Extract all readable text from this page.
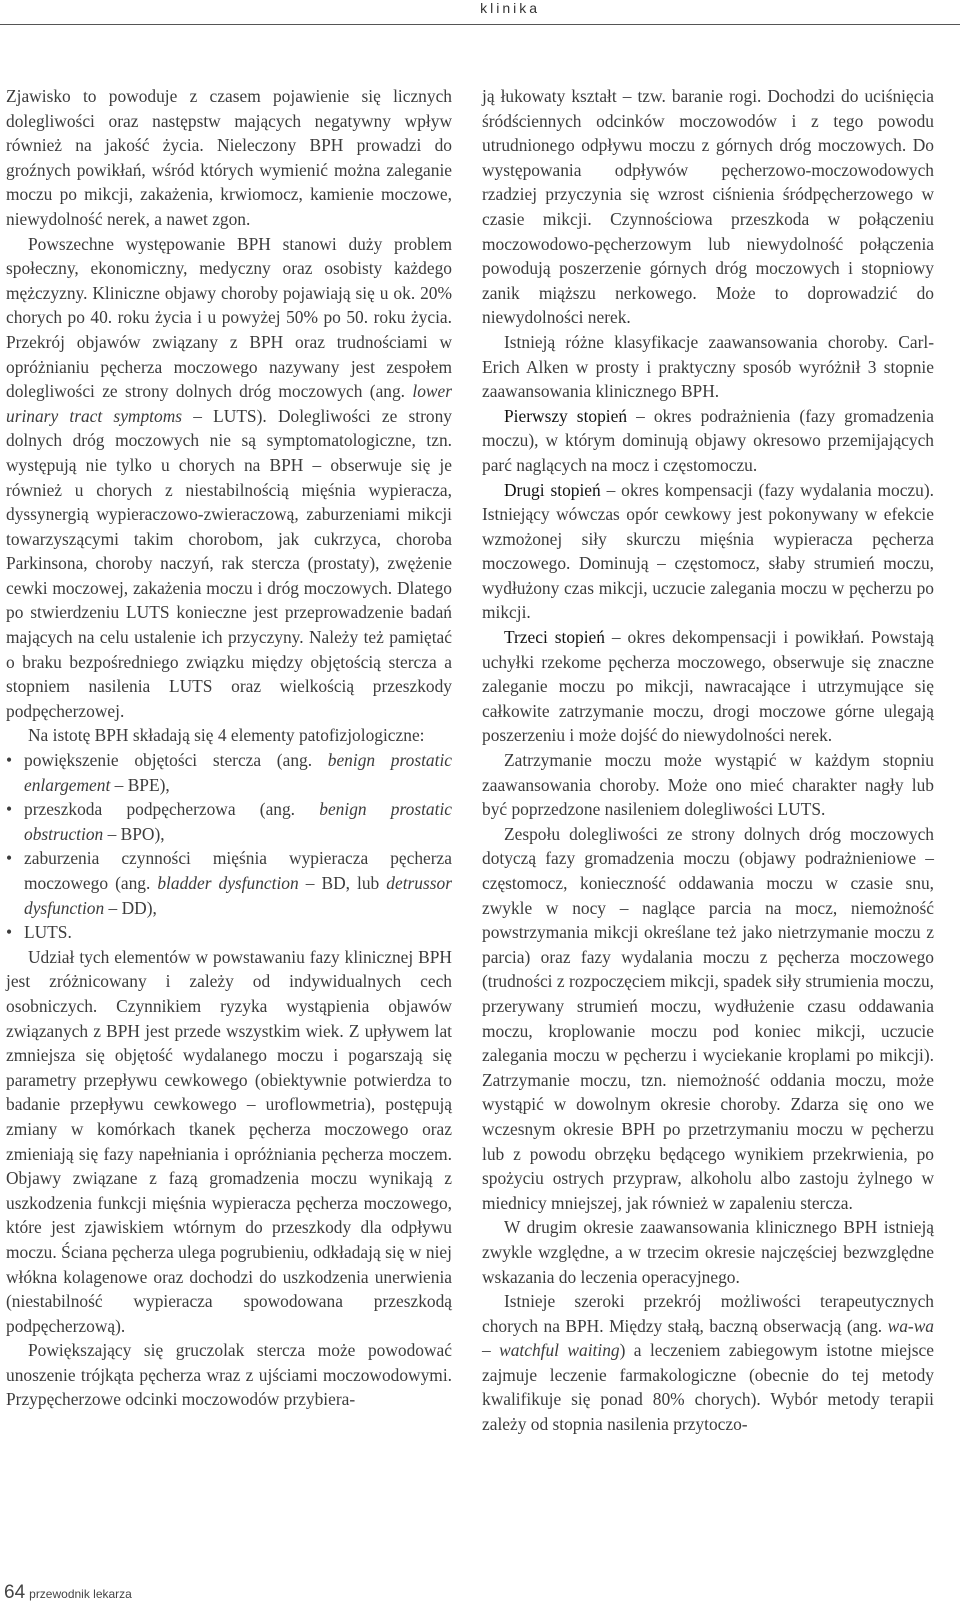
klinika

Zjawisko to powoduje z czasem pojawienie się licznych dolegliwości oraz następstw mających negatywny wpływ również na jakość życia. Nieleczony BPH prowadzi do groźnych powikłań, wśród których wymienić można zaleganie moczu po mikcji, zakażenia, krwiomocz, kamienie moczowe, niewydolność nerek, a nawet zgon.

Powszechne występowanie BPH stanowi duży problem społeczny, ekonomiczny, medyczny oraz osobisty każdego mężczyzny. Kliniczne objawy choroby pojawiają się u ok. 20% chorych po 40. roku życia i u powyżej 50% po 50. roku życia. Przekrój objawów związany z BPH oraz trudnościami w opróżnianiu pęcherza moczowego nazywany jest zespołem dolegliwości ze strony dolnych dróg moczowych (ang. lower urinary tract symptoms – LUTS). Dolegliwości ze strony dolnych dróg moczowych nie są symptomatologiczne, tzn. występują nie tylko u chorych na BPH – obserwuje się je również u chorych z niestabilnością mięśnia wypieracza, dyssynergią wypieraczowo-zwieraczową, zaburzeniami mikcji towarzyszącymi takim chorobom, jak cukrzyca, choroba Parkinsona, choroby naczyń, rak stercza (prostaty), zwężenie cewki moczowej, zakażenia moczu i dróg moczowych. Dlatego po stwierdzeniu LUTS konieczne jest przeprowadzenie badań mających na celu ustalenie ich przyczyny. Należy też pamiętać o braku bezpośredniego związku między objętością stercza a stopniem nasilenia LUTS oraz wielkością przeszkody podpęcherzowej.

Na istotę BPH składają się 4 elementy patofizjologiczne:

• powiększenie objętości stercza (ang. benign prostatic enlargement – BPE),
• przeszkoda podpęcherzowa (ang. benign prostatic obstruction – BPO),
• zaburzenia czynności mięśnia wypieracza pęcherza moczowego (ang. bladder dysfunction – BD, lub detrussor dysfunction – DD),
• LUTS.

Udział tych elementów w powstawaniu fazy klinicznej BPH jest zróżnicowany i zależy od indywidualnych cech osobniczych. Czynnikiem ryzyka wystąpienia objawów związanych z BPH jest przede wszystkim wiek. Z upływem lat zmniejsza się objętość wydalanego moczu i pogarszają się parametry przepływu cewkowego (obiektywnie potwierdza to badanie przepływu cewkowego – uroflowmetria), postępują zmiany w komórkach tkanek pęcherza moczowego oraz zmieniają się fazy napełniania i opróżniania pęcherza moczem. Objawy związane z fazą gromadzenia moczu wynikają z uszkodzenia funkcji mięśnia wypieracza pęcherza moczowego, które jest zjawiskiem wtórnym do przeszkody dla odpływu moczu. Ściana pęcherza ulega pogrubieniu, odkładają się w niej włókna kolagenowe oraz dochodzi do uszkodzenia unerwienia (niestabilność wypieracza spowodowana przeszkodą podpęcherzową).

Powiększający się gruczolak stercza może powodować unoszenie trójkąta pęcherza wraz z ujściami moczowodowymi. Przypęcherzowe odcinki moczowodów przybiera-

ją łukowaty kształt – tzw. baranie rogi. Dochodzi do uciśnięcia śródściennych odcinków moczowodów i z tego powodu utrudnionego odpływu moczu z górnych dróg moczowych. Do występowania odpływów pęcherzowo-moczowodowych rzadziej przyczynia się wzrost ciśnienia śródpęcherzowego w czasie mikcji. Czynnościowa przeszkoda w połączeniu moczowodowo-pęcherzowym lub niewydolność połączenia powodują poszerzenie górnych dróg moczowych i stopniowy zanik miąższu nerkowego. Może to doprowadzić do niewydolności nerek.

Istnieją różne klasyfikacje zaawansowania choroby. Carl-Erich Alken w prosty i praktyczny sposób wyróżnił 3 stopnie zaawansowania klinicznego BPH.

Pierwszy stopień – okres podrażnienia (fazy gromadzenia moczu), w którym dominują objawy okresowo przemijających parć naglących na mocz i częstomoczu.

Drugi stopień – okres kompensacji (fazy wydalania moczu). Istniejący wówczas opór cewkowy jest pokonywany w efekcie wzmożonej siły skurczu mięśnia wypieracza pęcherza moczowego. Dominują – częstomocz, słaby strumień moczu, wydłużony czas mikcji, uczucie zalegania moczu w pęcherzu po mikcji.

Trzeci stopień – okres dekompensacji i powikłań. Powstają uchyłki rzekome pęcherza moczowego, obserwuje się znaczne zaleganie moczu po mikcji, nawracające i utrzymujące się całkowite zatrzymanie moczu, drogi moczowe górne ulegają poszerzeniu i może dojść do niewydolności nerek.

Zatrzymanie moczu może wystąpić w każdym stopniu zaawansowania choroby. Może ono mieć charakter nagły lub być poprzedzone nasileniem dolegliwości LUTS.

Zespołu dolegliwości ze strony dolnych dróg moczowych dotyczą fazy gromadzenia moczu (objawy podrażnieniowe – częstomocz, konieczność oddawania moczu w czasie snu, zwykle w nocy – naglące parcia na mocz, niemożność powstrzymania mikcji określane też jako nietrzymanie moczu z parcia) oraz fazy wydalania moczu z pęcherza moczowego (trudności z rozpoczęciem mikcji, spadek siły strumienia moczu, przerywany strumień moczu, wydłużenie czasu oddawania moczu, kroplowanie moczu pod koniec mikcji, uczucie zalegania moczu w pęcherzu i wyciekanie kroplami po mikcji). Zatrzymanie moczu, tzn. niemożność oddania moczu, może wystąpić w dowolnym okresie choroby. Zdarza się ono we wczesnym okresie BPH po przetrzymaniu moczu w pęcherzu lub z powodu obrzęku będącego wynikiem przekrwienia, po spożyciu ostrych przypraw, alkoholu albo zastoju żylnego w miednicy mniejszej, jak również w zapaleniu stercza.

W drugim okresie zaawansowania klinicznego BPH istnieją zwykle względne, a w trzecim okresie najczęściej bezwzględne wskazania do leczenia operacyjnego.

Istnieje szeroki przekrój możliwości terapeutycznych chorych na BPH. Między stałą, baczną obserwacją (ang. wa-wa – watchful waiting) a leczeniem zabiegowym istotne miejsce zajmuje leczenie farmakologiczne (obecnie do tej metody kwalifikuje się ponad 80% chorych). Wybór metody terapii zależy od stopnia nasilenia przytoczo-

64 przewodnik lekarza
